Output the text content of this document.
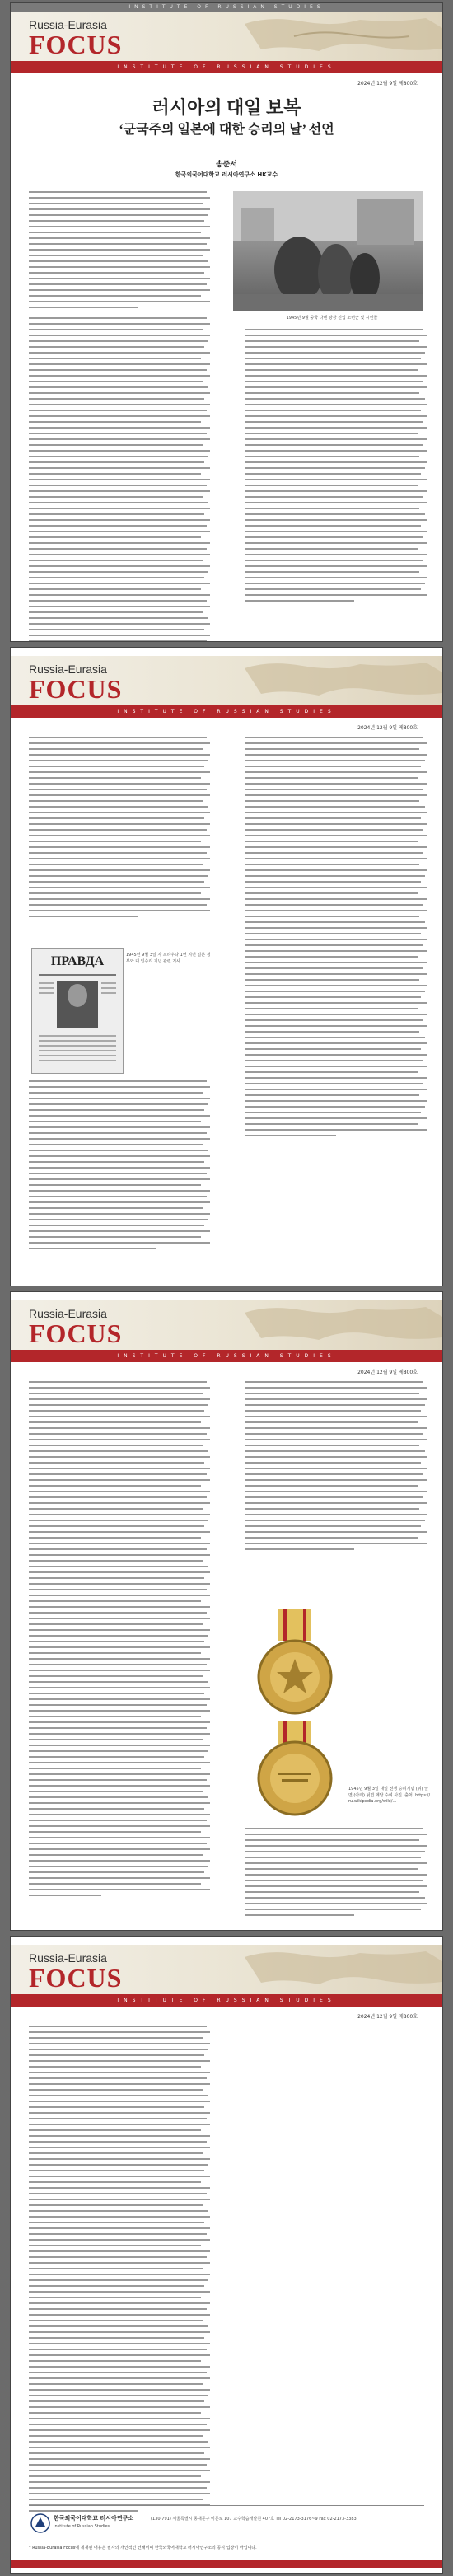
INSTITUTE OF RUSSIAN STUDIES
Russia-Eurasia
FOCUS
INSTITUTE OF RUSSIAN STUDIES
2024년 12월 9일 제800호
러시아의 대일 보복
‘군국주의 일본에 대한 승리의 날’ 선언
송준서
한국외국어대학교 러시아연구소 HK교수
1945년 9월 중국 다롄 광장 진입 소련군 및 시민들
Russia-Eurasia
FOCUS
INSTITUTE OF RUSSIAN STUDIES
2024년 12월 9일 제800호
ПРАВДА	1945년 9월 3일 자 프라우다 1면 지면 일본 정부와 대 일승리 기념 관련 기사
Russia-Eurasia
FOCUS
INSTITUTE OF RUSSIAN STUDIES
2024년 12월 9일 제800호
1945년 9월 3일 대일 전쟁 승리기념 (위) 앞면 (아래) 뒷면 메달 수여 사진. 출처: https://ru.wikipedia.org/wiki/…
Russia-Eurasia
FOCUS
INSTITUTE OF RUSSIAN STUDIES
2024년 12월 9일 제800호
한국외국어대학교 러시아연구소
Institute of Russian Studies
(130-791) 서울특별시 동대문구 이문로 107 교수학습개발원 407호 Tel 02-2173-3176~9 Fax 02-2173-3383
* Russia-Eurasia Focus에 게재된 내용은 필자의 개인적인 견해이며 한국외국어대학교 러시아연구소의 공식 입장이 아닙니다.
